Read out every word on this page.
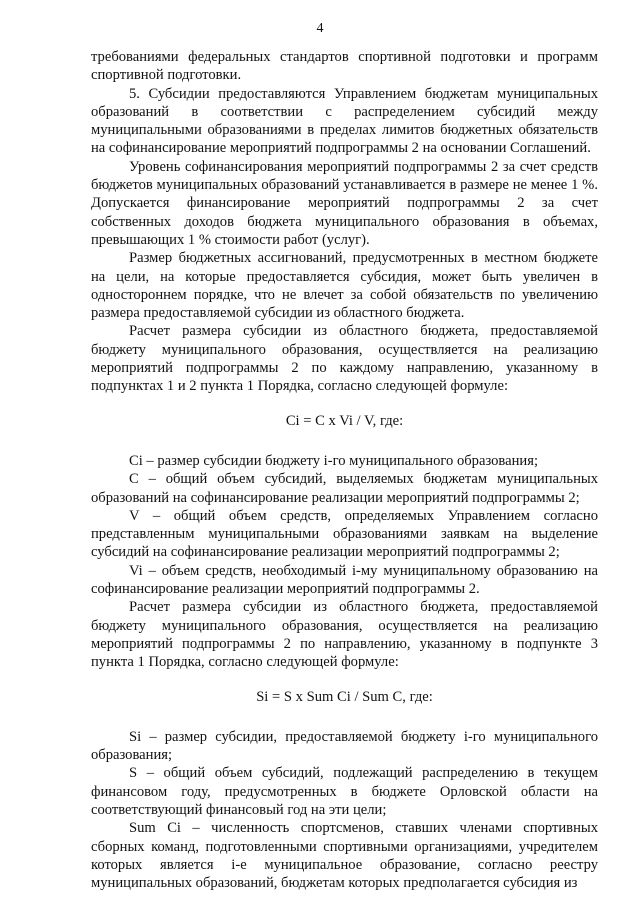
4

требованиями федеральных стандартов спортивной подготовки и программ спортивной подготовки.

5. Субсидии предоставляются Управлением бюджетам муниципальных образований в соответствии с распределением субсидий между муниципальными образованиями в пределах лимитов бюджетных обязательств на софинансирование мероприятий подпрограммы 2 на основании Соглашений.

Уровень софинансирования мероприятий подпрограммы 2 за счет средств бюджетов муниципальных образований устанавливается в размере не менее 1 %. Допускается финансирование мероприятий подпрограммы 2 за счет собственных доходов бюджета муниципального образования в объемах, превышающих 1 % стоимости работ (услуг).

Размер бюджетных ассигнований, предусмотренных в местном бюджете на цели, на которые предоставляется субсидия, может быть увеличен в одностороннем порядке, что не влечет за собой обязательств по увеличению размера предоставляемой субсидии из областного бюджета.

Расчет размера субсидии из областного бюджета, предоставляемой бюджету муниципального образования, осуществляется на реализацию мероприятий подпрограммы 2 по каждому направлению, указанному в подпунктах 1 и 2 пункта 1 Порядка, согласно следующей формуле:

Ci = C x Vi / V, где:

Ci – размер субсидии бюджету i-го муниципального образования;

C – общий объем субсидий, выделяемых бюджетам муниципальных образований на софинансирование реализации мероприятий подпрограммы 2;

V – общий объем средств, определяемых Управлением согласно представленным муниципальными образованиями заявкам на выделение субсидий на софинансирование реализации мероприятий подпрограммы 2;

Vi – объем средств, необходимый i-му муниципальному образованию на софинансирование реализации мероприятий подпрограммы 2.

Расчет размера субсидии из областного бюджета, предоставляемой бюджету муниципального образования, осуществляется на реализацию мероприятий подпрограммы 2 по направлению, указанному в подпункте 3 пункта 1 Порядка, согласно следующей формуле:

Si = S x Sum Ci / Sum C, где:

Si – размер субсидии, предоставляемой бюджету i-го муниципального образования;

S – общий объем субсидий, подлежащий распределению в текущем финансовом году, предусмотренных в бюджете Орловской области на соответствующий финансовый год на эти цели;

Sum Ci – численность спортсменов, ставших членами спортивных сборных команд, подготовленными спортивными организациями, учредителем которых является i-е муниципальное образование, согласно реестру муниципальных образований, бюджетам которых предполагается субсидия из
